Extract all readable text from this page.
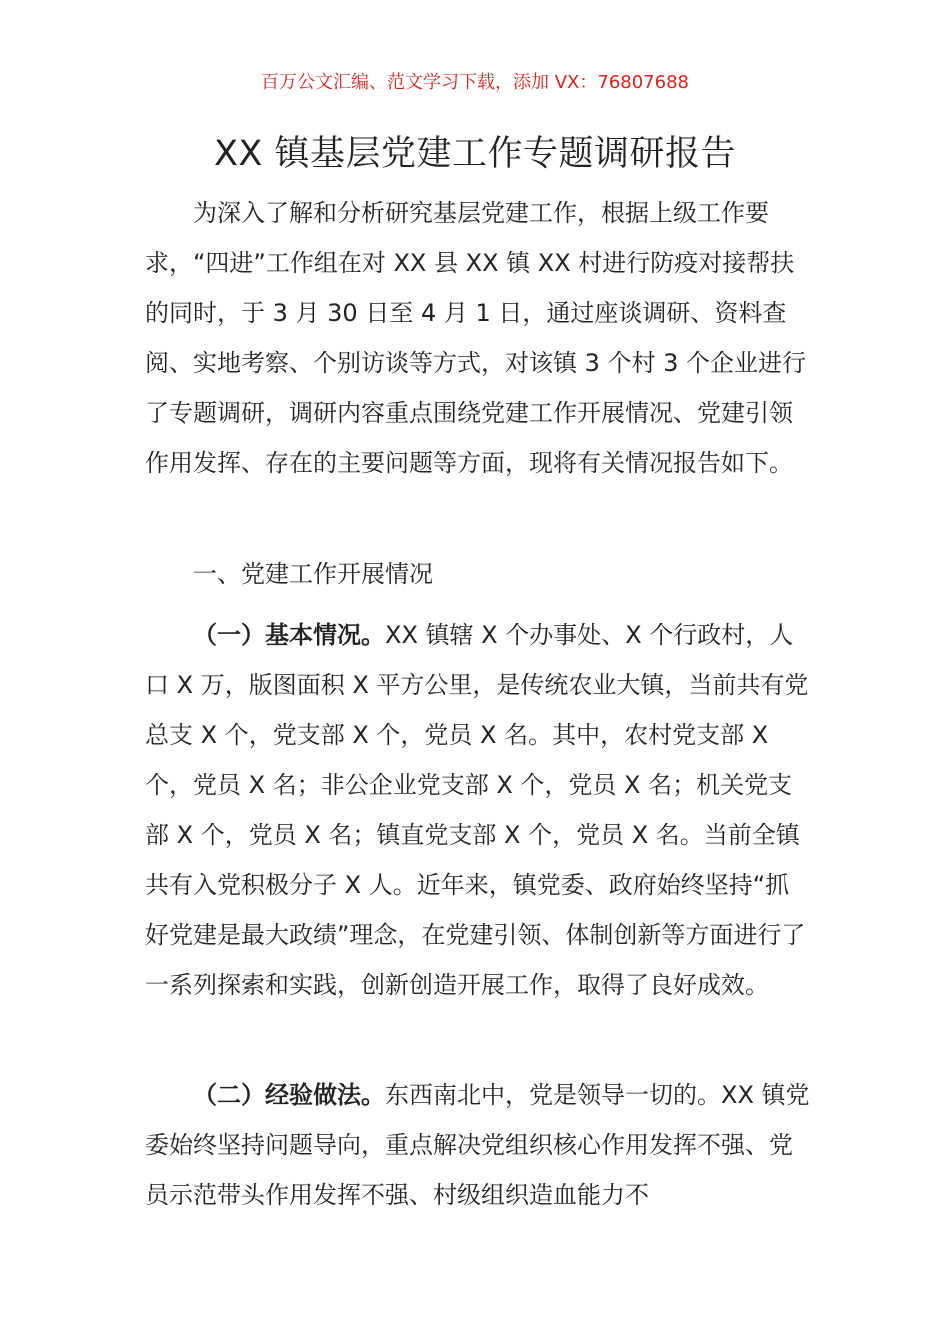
百万公文汇编、范文学习下载，添加 VX：76807688
XX 镇基层党建工作专题调研报告

为深入了解和分析研究基层党建工作，根据上级工作要求，“四进”工作组在对 XX 县 XX 镇 XX 村进行防疫对接帮扶的同时，于 3 月 30 日至 4 月 1 日，通过座谈调研、资料查阅、实地考察、个别访谈等方式，对该镇 3 个村 3 个企业进行了专题调研，调研内容重点围绕党建工作开展情况、党建引领作用发挥、存在的主要问题等方面，现将有关情况报告如下。

一、党建工作开展情况

（一）基本情况。XX 镇辖 X 个办事处、X 个行政村，人口 X 万，版图面积 X 平方公里，是传统农业大镇，当前共有党总支 X 个，党支部 X 个，党员 X 名。其中，农村党支部 X 个，党员 X 名；非公企业党支部 X 个，党员 X 名；机关党支部 X 个，党员 X 名；镇直党支部 X 个，党员 X 名。当前全镇共有入党积极分子 X 人。近年来，镇党委、政府始终坚持“抓好党建是最大政绩”理念，在党建引领、体制创新等方面进行了一系列探索和实践，创新创造开展工作，取得了良好成效。

（二）经验做法。东西南北中，党是领导一切的。XX 镇党委始终坚持问题导向，重点解决党组织核心作用发挥不强、党员示范带头作用发挥不强、村级组织造血能力不
